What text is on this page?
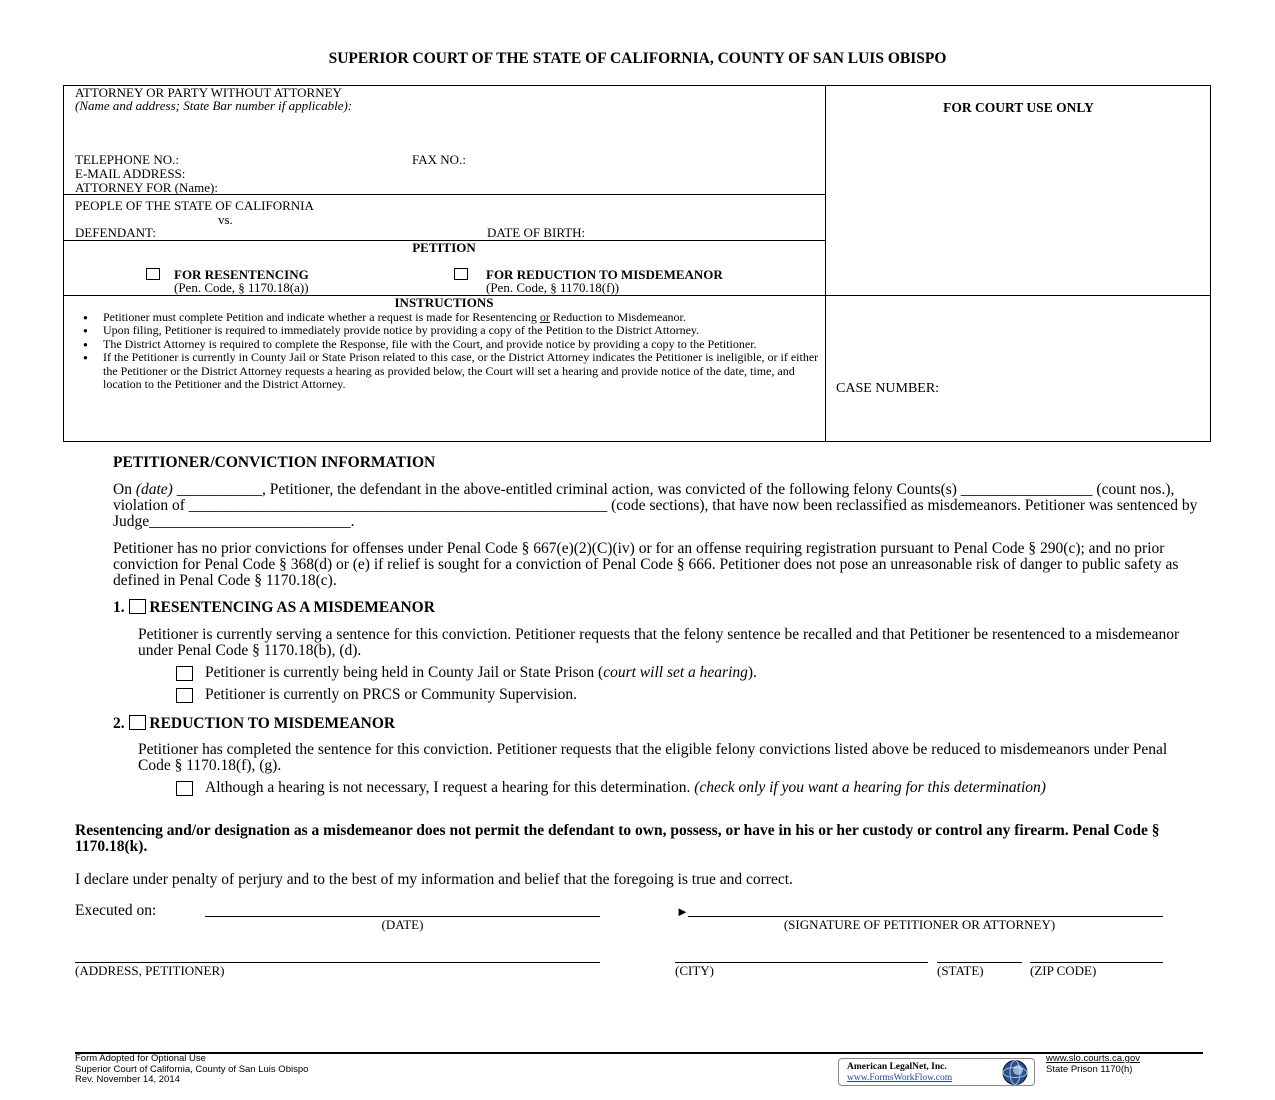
SUPERIOR COURT OF THE STATE OF CALIFORNIA, COUNTY OF SAN LUIS OBISPO
ATTORNEY OR PARTY WITHOUT ATTORNEY
(Name and address; State Bar number if applicable):
TELEPHONE NO.:	FAX NO.:
E-MAIL ADDRESS:
ATTORNEY FOR (Name):
FOR COURT USE ONLY
PEOPLE OF THE STATE OF CALIFORNIA
vs.
DEFENDANT:	DATE OF BIRTH:
PETITION
FOR RESENTENCING
(Pen. Code, § 1170.18(a))
FOR REDUCTION TO MISDEMEANOR
(Pen. Code, § 1170.18(f))
INSTRUCTIONS
● Petitioner must complete Petition and indicate whether a request is made for Resentencing or Reduction to Misdemeanor.
● Upon filing, Petitioner is required to immediately provide notice by providing a copy of the Petition to the District Attorney.
● The District Attorney is required to complete the Response, file with the Court, and provide notice by providing a copy to the Petitioner.
● If the Petitioner is currently in County Jail or State Prison related to this case, or the District Attorney indicates the Petitioner is ineligible, or if either the Petitioner or the District Attorney requests a hearing as provided below, the Court will set a hearing and provide notice of the date, time, and location to the Petitioner and the District Attorney.	CASE NUMBER:
PETITIONER/CONVICTION INFORMATION
On (date) ___________, Petitioner, the defendant in the above-entitled criminal action, was convicted of the following felony Counts(s) _________________ (count nos.), violation of ______________________________________________________ (code sections), that have now been reclassified as misdemeanors. Petitioner was sentenced by Judge__________________________.
Petitioner has no prior convictions for offenses under Penal Code § 667(e)(2)(C)(iv) or for an offense requiring registration pursuant to Penal Code § 290(c); and no prior conviction for Penal Code § 368(d) or (e) if relief is sought for a conviction of Penal Code § 666. Petitioner does not pose an unreasonable risk of danger to public safety as defined in Penal Code § 1170.18(c).
1. RESENTENCING AS A MISDEMEANOR
Petitioner is currently serving a sentence for this conviction. Petitioner requests that the felony sentence be recalled and that Petitioner be resentenced to a misdemeanor under Penal Code § 1170.18(b), (d).
Petitioner is currently being held in County Jail or State Prison (court will set a hearing).
Petitioner is currently on PRCS or Community Supervision.
2. REDUCTION TO MISDEMEANOR
Petitioner has completed the sentence for this conviction. Petitioner requests that the eligible felony convictions listed above be reduced to misdemeanors under Penal Code § 1170.18(f), (g).
Although a hearing is not necessary, I request a hearing for this determination. (check only if you want a hearing for this determination)
Resentencing and/or designation as a misdemeanor does not permit the defendant to own, possess, or have in his or her custody or control any firearm. Penal Code § 1170.18(k).
I declare under penalty of perjury and to the best of my information and belief that the foregoing is true and correct.
Executed on:
(DATE)
►
(SIGNATURE OF PETITIONER OR ATTORNEY)
(ADDRESS, PETITIONER)	(CITY)	(STATE)	(ZIP CODE)
Form Adopted for Optional Use
Superior Court of California, County of San Luis Obispo
Rev. November 14, 2014
American LegalNet, Inc.
www.FormsWorkFlow.com
www.slo.courts.ca.gov
State Prison 1170(h)
